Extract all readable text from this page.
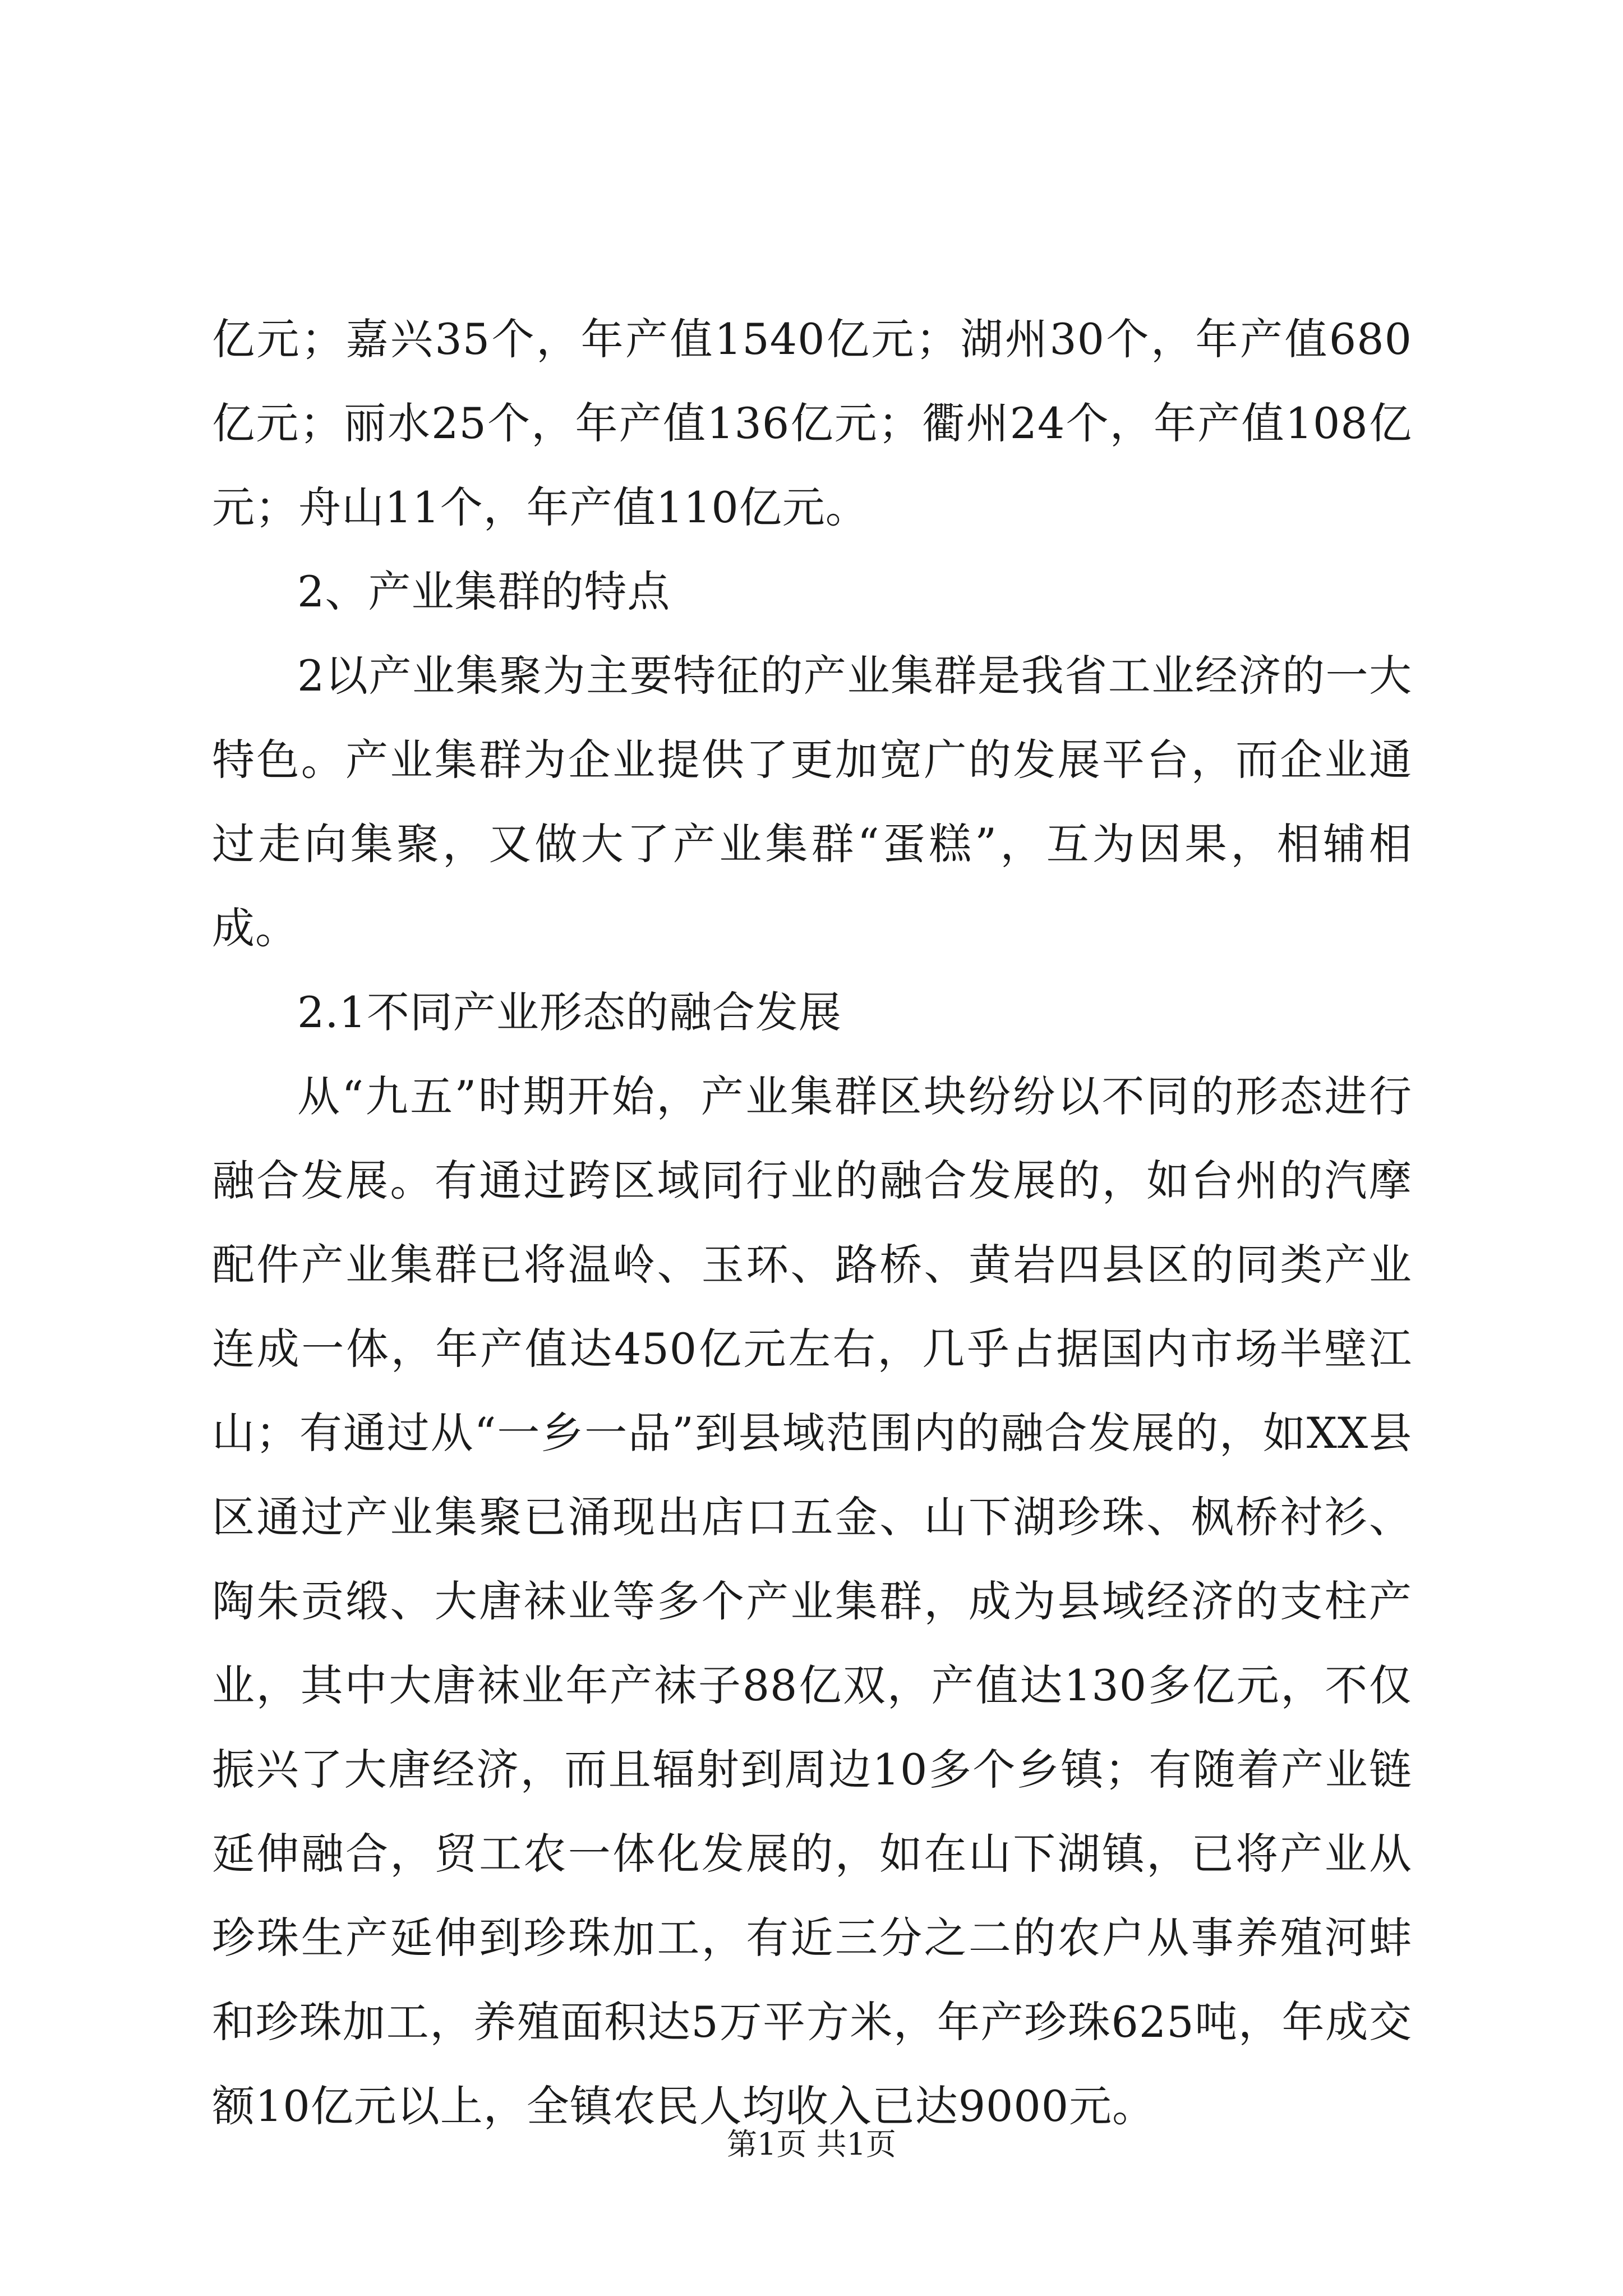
亿元；嘉兴35个，年产值1540亿元；湖州30个，年产值680亿元；丽水25个，年产值136亿元；衢州24个，年产值108亿元；舟山11个，年产值110亿元。

2、产业集群的特点

2以产业集聚为主要特征的产业集群是我省工业经济的一大特色。产业集群为企业提供了更加宽广的发展平台，而企业通过走向集聚，又做大了产业集群“蛋糕”，互为因果，相辅相成。

2.1不同产业形态的融合发展

从“九五”时期开始，产业集群区块纷纷以不同的形态进行融合发展。有通过跨区域同行业的融合发展的，如台州的汽摩配件产业集群已将温岭、玉环、路桥、黄岩四县区的同类产业连成一体，年产值达450亿元左右，几乎占据国内市场半壁江山；有通过从“一乡一品”到县域范围内的融合发展的，如XX县区通过产业集聚已涌现出店口五金、山下湖珍珠、枫桥衬衫、陶朱贡缎、大唐袜业等多个产业集群，成为县域经济的支柱产业，其中大唐袜业年产袜子88亿双，产值达130多亿元，不仅振兴了大唐经济，而且辐射到周边10多个乡镇；有随着产业链延伸融合，贸工农一体化发展的，如在山下湖镇，已将产业从珍珠生产延伸到珍珠加工，有近三分之二的农户从事养殖河蚌和珍珠加工，养殖面积达5万平方米，年产珍珠625吨，年成交额10亿元以上，全镇农民人均收入已达9000元。

第1页 共1页
